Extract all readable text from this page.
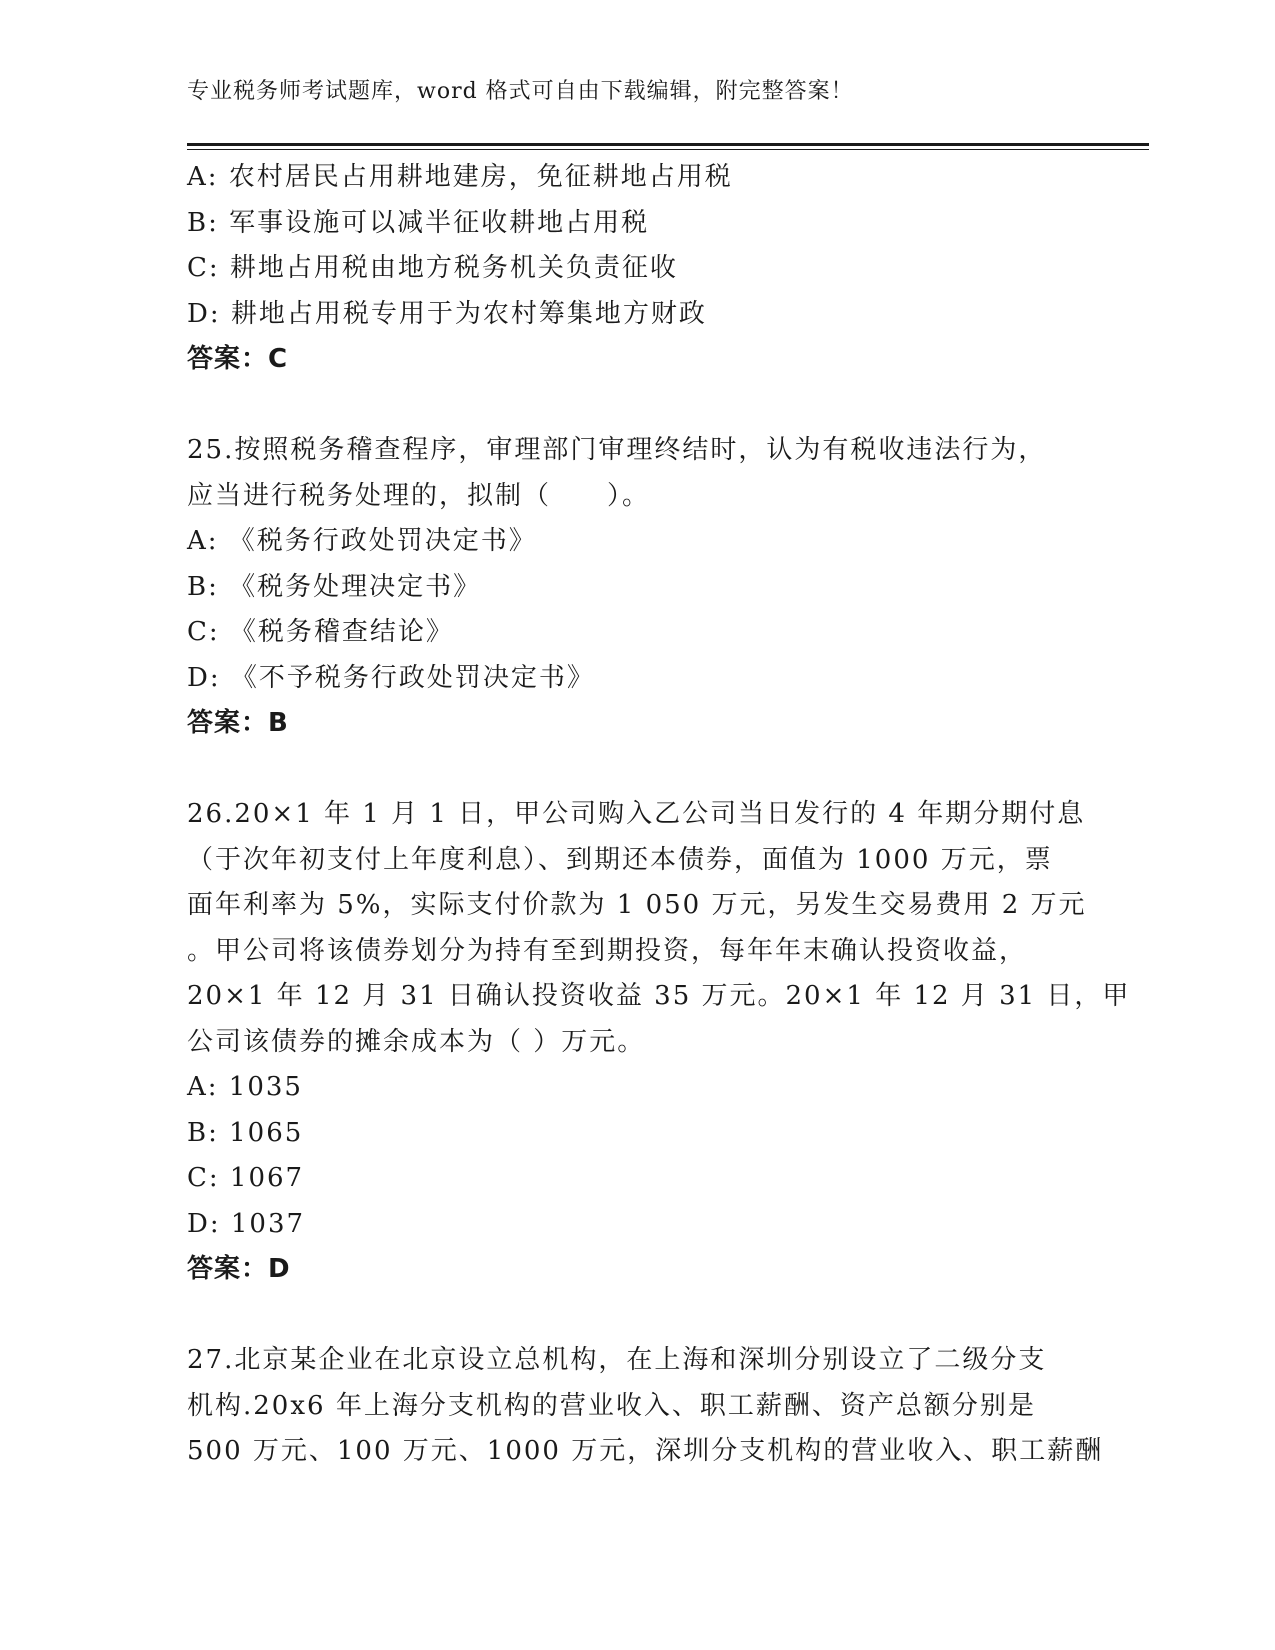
专业税务师考试题库，word 格式可自由下载编辑，附完整答案！
A: 农村居民占用耕地建房，免征耕地占用税
B: 军事设施可以减半征收耕地占用税
C: 耕地占用税由地方税务机关负责征收
D: 耕地占用税专用于为农村筹集地方财政
答案：C
25.按照税务稽查程序，审理部门审理终结时，认为有税收违法行为，
应当进行税务处理的，拟制（　　）。
A: 《税务行政处罚决定书》
B: 《税务处理决定书》
C: 《税务稽查结论》
D: 《不予税务行政处罚决定书》
答案：B
26.20×1 年 1 月 1 日，甲公司购入乙公司当日发行的 4 年期分期付息
（于次年初支付上年度利息）、到期还本债券，面值为 1000 万元，票
面年利率为 5%，实际支付价款为 1 050 万元，另发生交易费用 2 万元
。甲公司将该债券划分为持有至到期投资，每年年末确认投资收益，
20×1 年 12 月 31 日确认投资收益 35 万元。20×1 年 12 月 31 日，甲
公司该债券的摊余成本为（ ）万元。
A: 1035
B: 1065
C: 1067
D: 1037
答案：D
27.北京某企业在北京设立总机构，在上海和深圳分别设立了二级分支
机构.20x6 年上海分支机构的营业收入、职工薪酬、资产总额分别是
500 万元、100 万元、1000 万元，深圳分支机构的营业收入、职工薪酬
